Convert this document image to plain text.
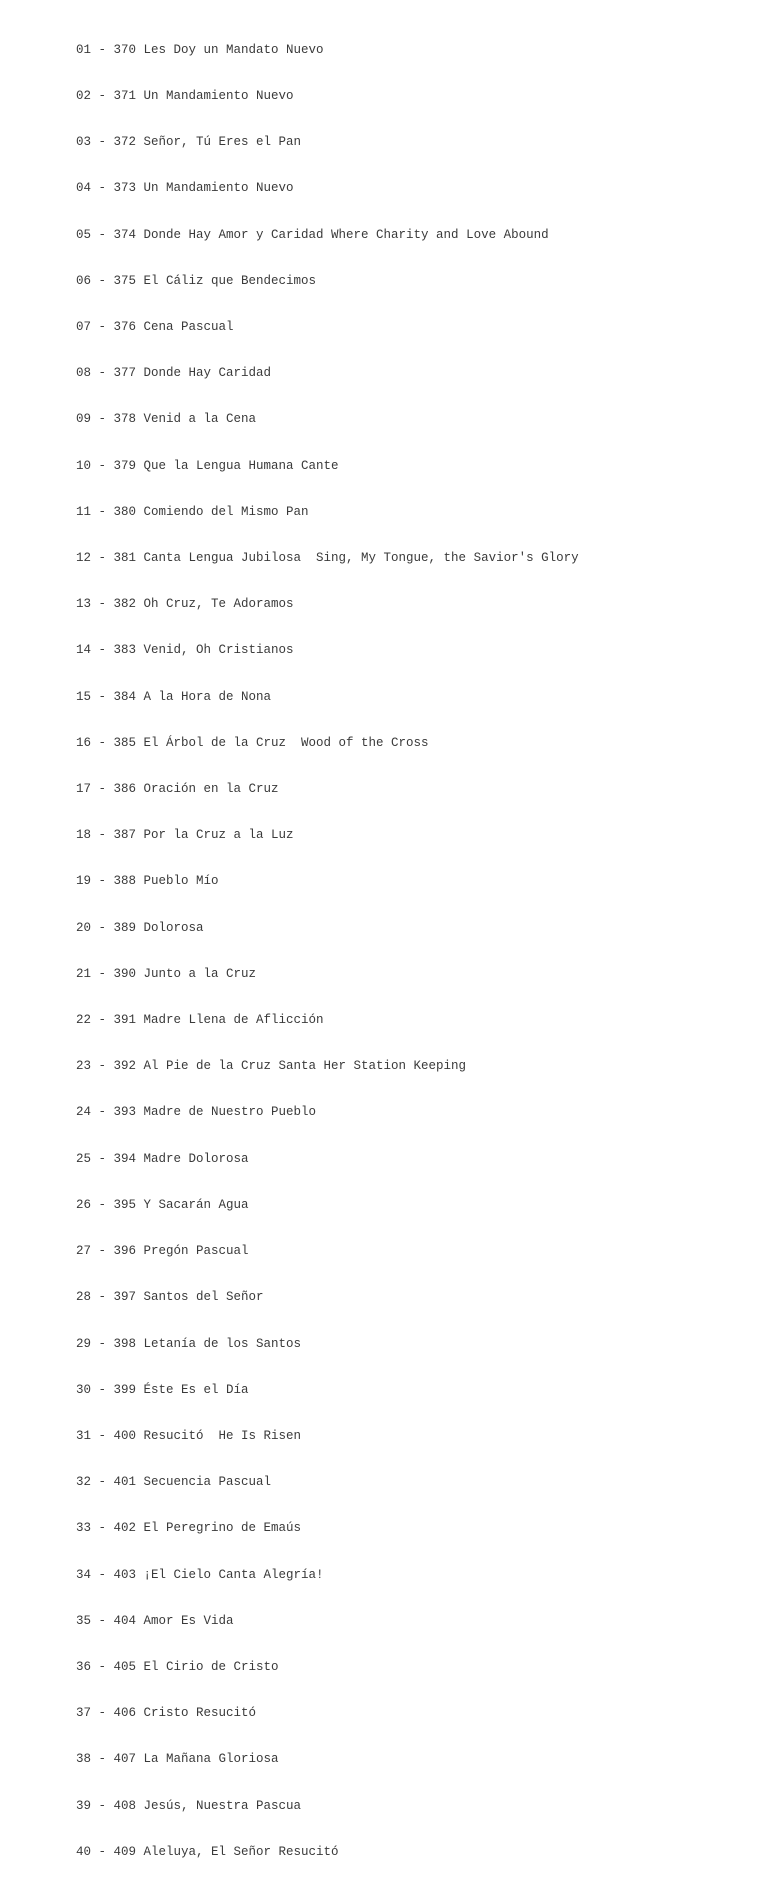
01 - 370 Les Doy un Mandato Nuevo

02 - 371 Un Mandamiento Nuevo

03 - 372 Señor, Tú Eres el Pan

04 - 373 Un Mandamiento Nuevo

05 - 374 Donde Hay Amor y Caridad Where Charity and Love Abound

06 - 375 El Cáliz que Bendecimos

07 - 376 Cena Pascual

08 - 377 Donde Hay Caridad

09 - 378 Venid a la Cena

10 - 379 Que la Lengua Humana Cante

11 - 380 Comiendo del Mismo Pan

12 - 381 Canta Lengua Jubilosa  Sing, My Tongue, the Savior's Glory

13 - 382 Oh Cruz, Te Adoramos

14 - 383 Venid, Oh Cristianos

15 - 384 A la Hora de Nona

16 - 385 El Árbol de la Cruz  Wood of the Cross

17 - 386 Oración en la Cruz

18 - 387 Por la Cruz a la Luz

19 - 388 Pueblo Mío

20 - 389 Dolorosa

21 - 390 Junto a la Cruz

22 - 391 Madre Llena de Aflicción

23 - 392 Al Pie de la Cruz Santa Her Station Keeping

24 - 393 Madre de Nuestro Pueblo

25 - 394 Madre Dolorosa

26 - 395 Y Sacarán Agua

27 - 396 Pregón Pascual

28 - 397 Santos del Señor

29 - 398 Letanía de los Santos

30 - 399 Éste Es el Día

31 - 400 Resucitó  He Is Risen

32 - 401 Secuencia Pascual

33 - 402 El Peregrino de Emaús

34 - 403 ¡El Cielo Canta Alegría!

35 - 404 Amor Es Vida

36 - 405 El Cirio de Cristo

37 - 406 Cristo Resucitó

38 - 407 La Mañana Gloriosa

39 - 408 Jesús, Nuestra Pascua

40 - 409 Aleluya, El Señor Resucitó
